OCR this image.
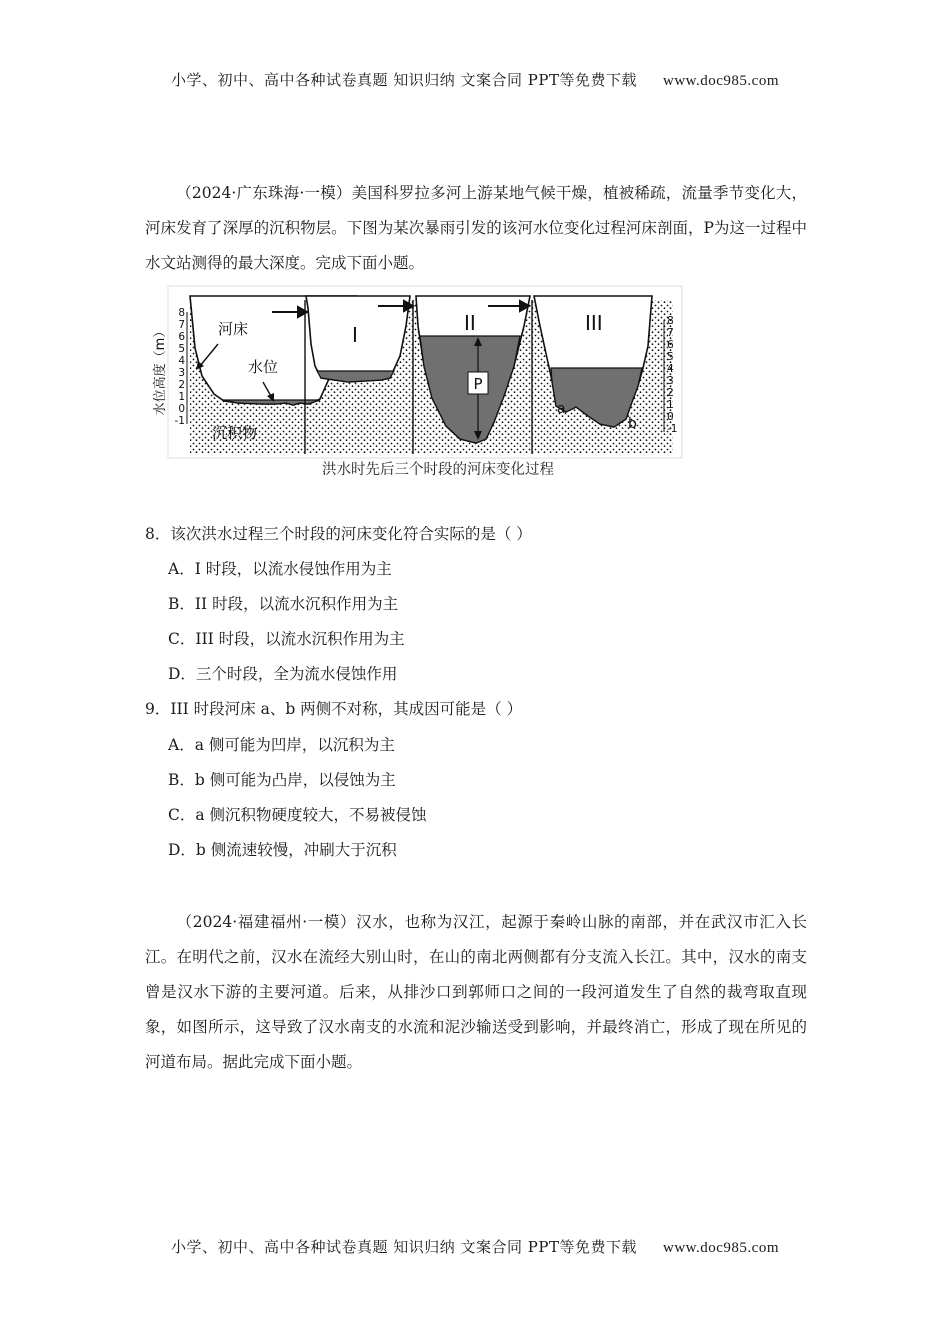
小学、初中、高中各种试卷真题 知识归纳 文案合同 PPT等免费下载 www.doc985.com
（2024·广东珠海·一模）美国科罗拉多河上游某地气候干燥，植被稀疏，流量季节变化大，河床发育了深厚的沉积物层。下图为某次暴雨引发的该河水位变化过程河床剖面，P为这一过程中水文站测得的最大深度。完成下面小题。
8
7
6
5
4
3
2
1
0
-1
8
7
6
5
4
3
2
1
0
-1
水位高度（m）	河床
水位
沉积物
I	II	III
P
a
b
洪水时先后三个时段的河床变化过程
8．该次洪水过程三个时段的河床变化符合实际的是（ ）
A．I 时段，以流水侵蚀作用为主
B．II 时段，以流水沉积作用为主
C．III 时段，以流水沉积作用为主
D．三个时段，全为流水侵蚀作用
9．III 时段河床 a、b 两侧不对称，其成因可能是（ ）
A．a 侧可能为凹岸，以沉积为主
B．b 侧可能为凸岸，以侵蚀为主
C．a 侧沉积物硬度较大，不易被侵蚀
D．b 侧流速较慢，冲刷大于沉积
（2024·福建福州·一模）汉水，也称为汉江，起源于秦岭山脉的南部，并在武汉市汇入长江。在明代之前，汉水在流经大别山时，在山的南北两侧都有分支流入长江。其中，汉水的南支曾是汉水下游的主要河道。后来，从排沙口到郭师口之间的一段河道发生了自然的裁弯取直现象，如图所示，这导致了汉水南支的水流和泥沙输送受到影响，并最终消亡，形成了现在所见的河道布局。据此完成下面小题。
小学、初中、高中各种试卷真题 知识归纳 文案合同 PPT等免费下载 www.doc985.com
